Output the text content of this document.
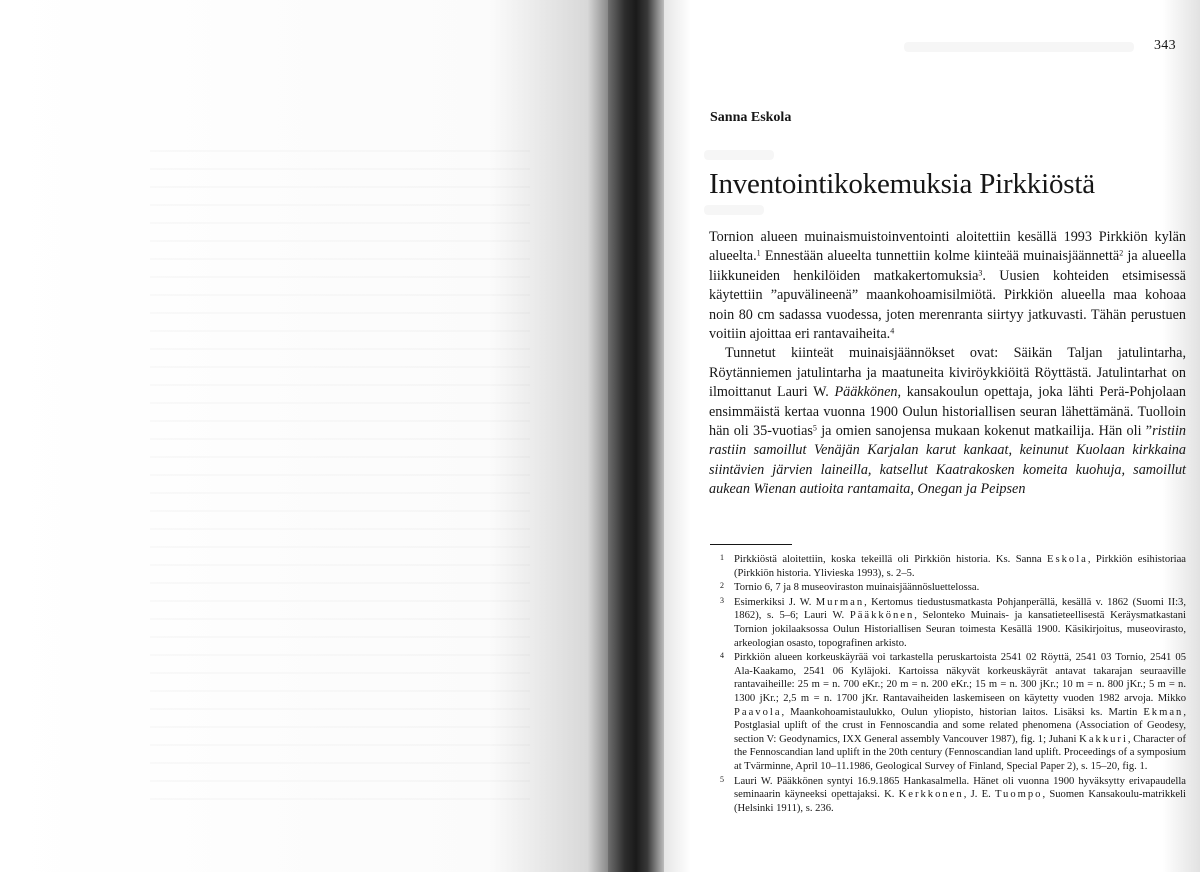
343
Sanna Eskola
Inventointikokemuksia Pirkkiöstä

Tornion alueen muinaismuistoinventointi aloitettiin kesällä 1993 Pirkkiön kylän alueelta.$^1$ Ennestään alueelta tunnettiin kolme kiinteää muinaisjäännettä$^2$ ja alueella liikkuneiden henkilöiden matkakertomuksia$^3$. Uusien kohteiden etsimisessä käytettiin ”apuvälineenä” maankohoamisilmiötä. Pirkkiön alueella maa kohoaa noin 80 cm sadassa vuodessa, joten merenranta siirtyy jatkuvasti. Tähän perustuen voitiin ajoittaa eri rantavaiheita.$^4$

Tunnetut kiinteät muinaisjäännökset ovat: Säikän Taljan jatulintarha, Röytänniemen jatulintarha ja maatuneita kiviröykkiöitä Röyttästä. Jatulintarhat on ilmoittanut Lauri W. Pääkkönen, kansakoulun opettaja, joka lähti Perä-Pohjolaan ensimmäistä kertaa vuonna 1900 Oulun historiallisen seuran lähettämänä. Tuolloin hän oli 35-vuotias$^5$ ja omien sanojensa mukaan kokenut matkailija. Hän oli ”ristiin rastiin samoillut Venäjän Karjalan karut kankaat, keinunut Kuolaan kirkkaina siintävien järvien laineilla, katsellut Kaatrakosken komeita kuohuja, samoillut aukean Wienan autioita rantamaita, Onegan ja Peipsen

1 Pirkkiöstä aloitettiin, koska tekeillä oli Pirkkiön historia. Ks. Sanna Eskola, Pirkkiön esihistoriaa (Pirkkiön historia. Ylivieska 1993), s. 2–5.
2 Tornio 6, 7 ja 8 museoviraston muinaisjäännösluettelossa.
3 Esimerkiksi J. W. Murman, Kertomus tiedustusmatkasta Pohjanperällä, kesällä v. 1862 (Suomi II:3, 1862), s. 5–6; Lauri W. Pääkkönen, Selonteko Muinais- ja kansatieteellisestä Keräysmatkastani Tornion jokilaaksossa Oulun Historiallisen Seuran toimesta Kesällä 1900. Käsikirjoitus, museovirasto, arkeologian osasto, topografinen arkisto.
4 Pirkkiön alueen korkeuskäyrää voi tarkastella peruskartoista 2541 02 Röyttä, 2541 03 Tornio, 2541 05 Ala-Kaakamo, 2541 06 Kyläjoki. Kartoissa näkyvät korkeuskäyrät antavat takarajan seuraaville rantavaiheille: 25 m = n. 700 eKr.; 20 m = n. 200 eKr.; 15 m = n. 300 jKr.; 10 m = n. 800 jKr.; 5 m = n. 1300 jKr.; 2,5 m = n. 1700 jKr. Rantavaiheiden laskemiseen on käytetty vuoden 1982 arvoja. Mikko Paavola, Maankohoamistaulukko, Oulun yliopisto, historian laitos. Lisäksi ks. Martin Ekman, Postglasial uplift of the crust in Fennoscandia and some related phenomena (Association of Geodesy, section V: Geodynamics, IXX General assembly Vancouver 1987), fig. 1; Juhani Kakkuri, Character of the Fennoscandian land uplift in the 20th century (Fennoscandian land uplift. Proceedings of a symposium at Tvärminne, April 10–11.1986, Geological Survey of Finland, Special Paper 2), s. 15–20, fig. 1.
5 Lauri W. Pääkkönen syntyi 16.9.1865 Hankasalmella. Hänet oli vuonna 1900 hyväksytty erivapaudella seminaarin käyneeksi opettajaksi. K. Kerkkonen, J. E. Tuompo, Suomen Kansakoulu-matrikkeli (Helsinki 1911), s. 236.
